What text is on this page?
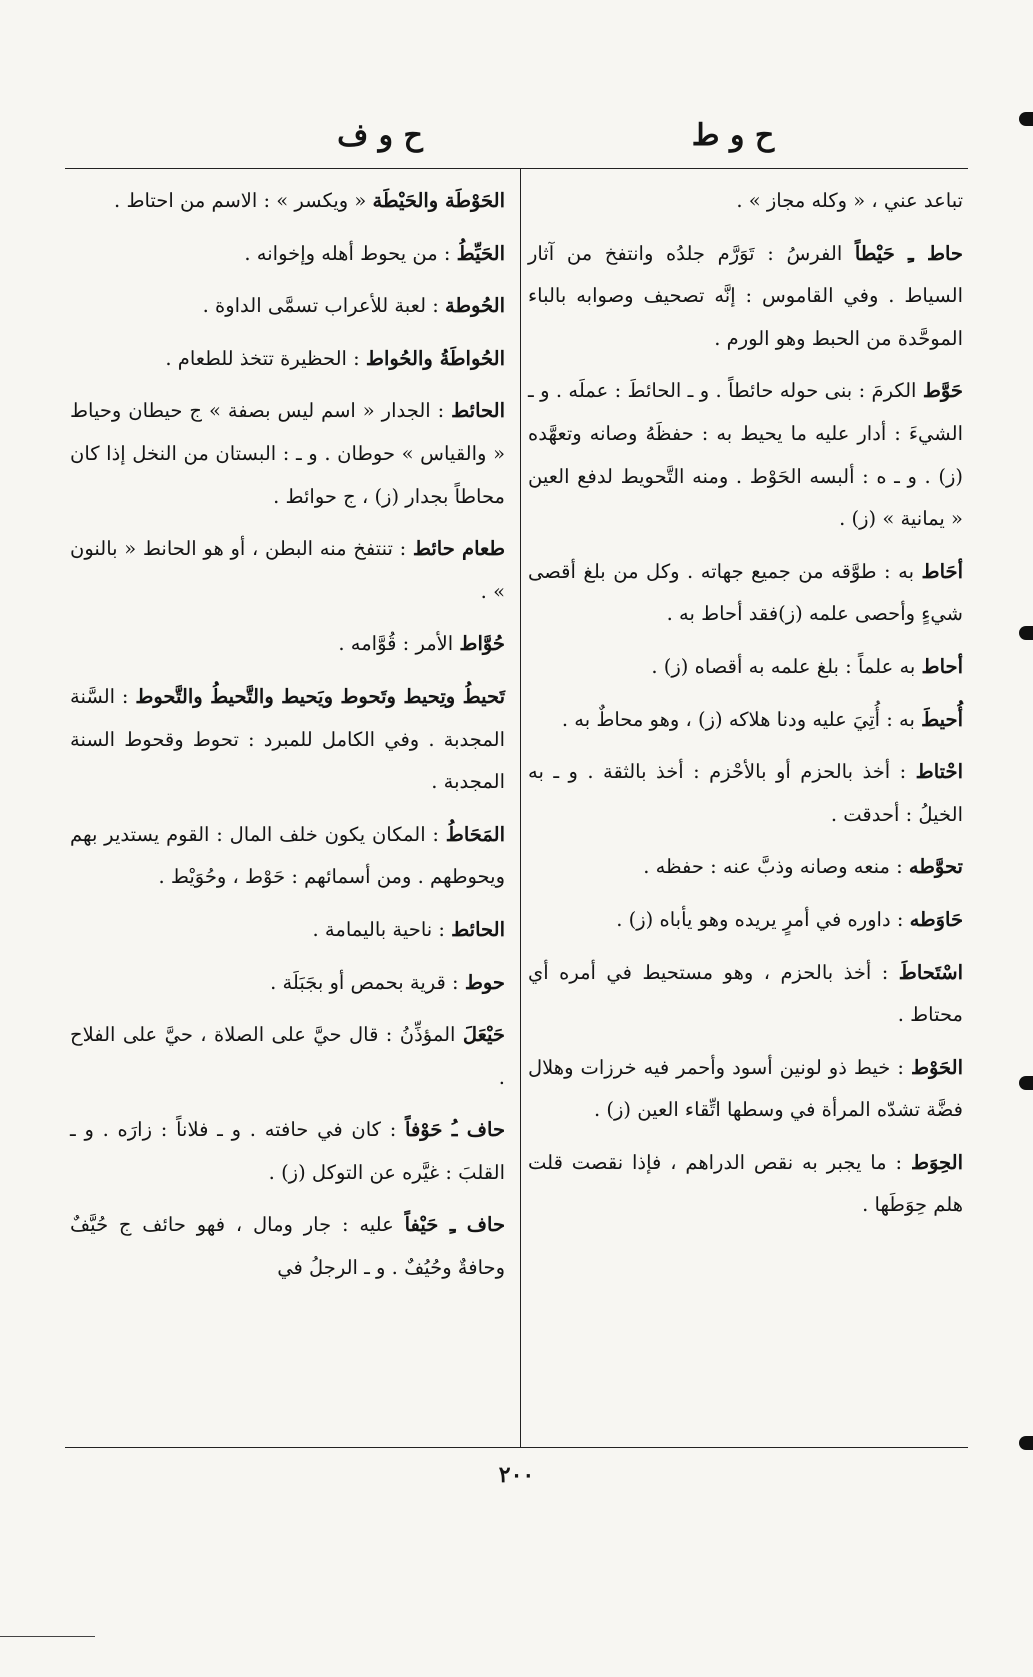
ح و ط
ح و ف
تباعد عني ، « وكله مجاز » .
حاط ـِ حَيْطاً الفرسُ : تَوَرَّم جلدُه وانتفخ من آثار السياط . وفي القاموس : إنَّه تصحيف وصوابه بالباء الموحَّدة من الحبط وهو الورم .
حَوَّط الكرمَ : بنى حوله حائطاً . و ـ الحائطَ : عملَه . و ـ الشيءَ : أدار عليه ما يحيط به : حفظَهُ وصانه وتعهَّده (ز) . و ـ ه : ألبسه الحَوْط . ومنه التَّحويط لدفع العين « يمانية » (ز) .
أحَاط به : طوَّقه من جميع جهاته . وكل من بلغ أقصى شيءٍ وأحصى علمه (ز)فقد أحاط به .
أحاط به علماً : بلغ علمه به أقصاه (ز) .
أُحيطَ به : أُتِيَ عليه ودنا هلاكه (ز) ، وهو محاطٌ به .
احْتاط : أخذ بالحزم أو بالأحْزم : أخذ بالثقة . و ـ به الخيلُ : أحدقت .
تحوَّطه : منعه وصانه وذبَّ عنه : حفظه .
حَاوَطه : داوره في أمرٍ يريده وهو يأباه (ز) .
اسْتَحاطَ : أخذ بالحزم ، وهو مستحيط في أمره أي محتاط .
الحَوْط : خيط ذو لونين أسود وأحمر فيه خرزات وهلال فضَّة تشدّه المرأة في وسطها اتِّقاء العين (ز) .
الحِوَط : ما يجبر به نقص الدراهم ، فإذا نقصت قلت هلم حِوَطَها .
الحَوْطَة والحَيْطَة « ويكسر » : الاسم من احتاط .
الحَيِّطُ : من يحوط أهله وإخوانه .
الحُوطة : لعبة للأعراب تسمَّى الداوة .
الحُواطَةُ والحُواط : الحظيرة تتخذ للطعام .
الحائط : الجدار « اسم ليس بصفة » ج حيطان وحياط « والقياس » حوطان . و ـ : البستان من النخل إذا كان محاطاً بجدار (ز) ، ج حوائط .
طعام حائط : تنتفخ منه البطن ، أو هو الحانط « بالنون » .
حُوَّاط الأمر : قُوَّامه .
تَحيطُ وتِحيط وتَحوط ويَحيط والتَّحيطُ والتَّحوط : السَّنة المجدبة . وفي الكامل للمبرد : تحوط وقحوط السنة المجدبة .
المَحَاطُ : المكان يكون خلف المال : القوم يستدير بهم ويحوطهم . ومن أسمائهم : حَوْط ، وحُوَيْط .
الحائط : ناحية باليمامة .
حوط : قرية بحمص أو بجَبَلَة .
حَيْعَلَ المؤذِّنُ : قال حيَّ على الصلاة ، حيَّ على الفلاح .
حاف ـُ حَوْفاً : كان في حافته . و ـ فلاناً : زارَه . و ـ القلبَ : غيَّره عن التوكل (ز) .
حاف ـِ حَيْفاً عليه : جار ومال ، فهو حائف ج حُيَّفٌ وحافةٌ وحُيُفٌ . و ـ الرجلُ في
٢٠٠
